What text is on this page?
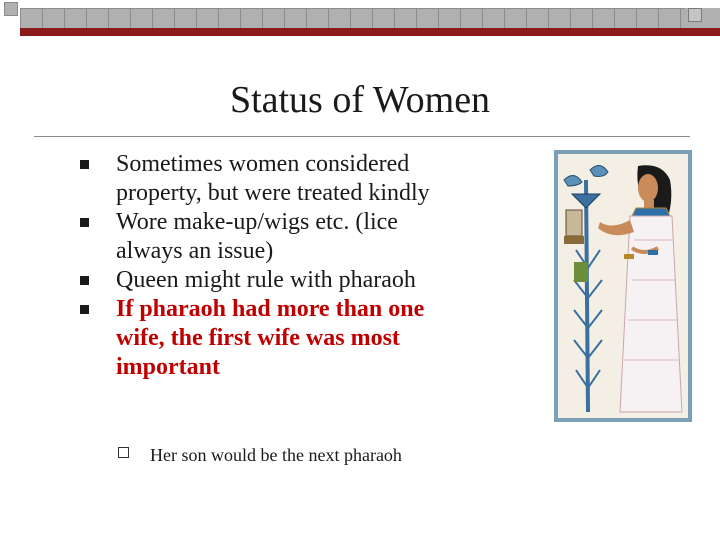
Status of Women
Sometimes women considered
property, but were treated kindly
Wore make-up/wigs etc. (lice
always an issue)
Queen might rule with pharaoh
If pharaoh had more than one
wife, the first wife was most
important
Her son would be the next pharaoh
